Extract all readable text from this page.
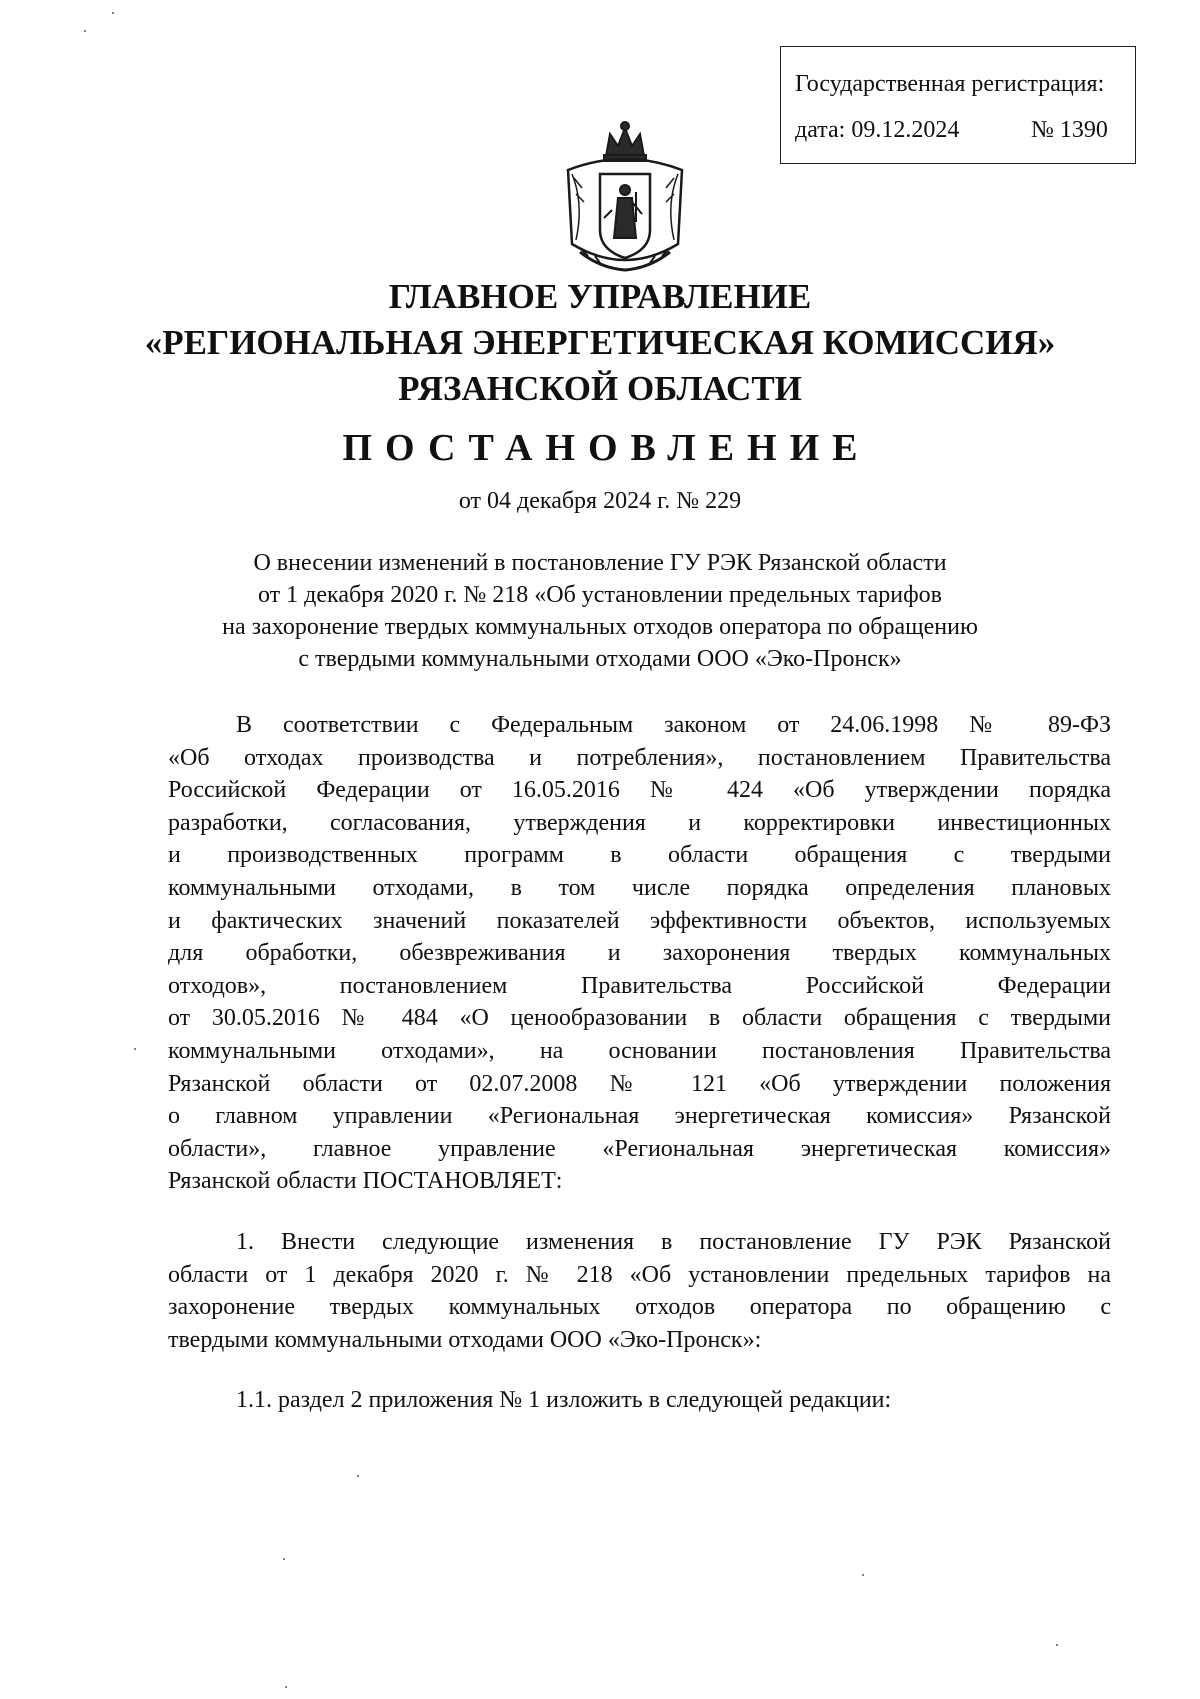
Государственная регистрация:
дата: 09.12.2024	№ 1390
ГЛАВНОЕ УПРАВЛЕНИЕ
«РЕГИОНАЛЬНАЯ ЭНЕРГЕТИЧЕСКАЯ КОМИССИЯ»
РЯЗАНСКОЙ ОБЛАСТИ
ПОСТАНОВЛЕНИЕ
от 04 декабря 2024 г. № 229
О внесении изменений в постановление ГУ РЭК Рязанской области
от 1 декабря 2020 г. № 218 «Об установлении предельных тарифов
на захоронение твердых коммунальных отходов оператора по обращению
с твердыми коммунальными отходами ООО «Эко-Пронск»
В соответствии с Федеральным законом от 24.06.1998 № 89-ФЗ
«Об отходах производства и потребления», постановлением Правительства
Российской Федерации от 16.05.2016 № 424 «Об утверждении порядка
разработки, согласования, утверждения и корректировки инвестиционных
и производственных программ в области обращения с твердыми
коммунальными отходами, в том числе порядка определения плановых
и фактических значений показателей эффективности объектов, используемых
для обработки, обезвреживания и захоронения твердых коммунальных
отходов», постановлением Правительства Российской Федерации
от 30.05.2016 № 484 «О ценообразовании в области обращения с твердыми
коммунальными отходами», на основании постановления Правительства
Рязанской области от 02.07.2008 № 121 «Об утверждении положения
о главном управлении «Региональная энергетическая комиссия» Рязанской
области», главное управление «Региональная энергетическая комиссия»
Рязанской области ПОСТАНОВЛЯЕТ:
1. Внести следующие изменения в постановление ГУ РЭК Рязанской
области от 1 декабря 2020 г. № 218 «Об установлении предельных тарифов на
захоронение твердых коммунальных отходов оператора по обращению с
твердыми коммунальными отходами ООО «Эко-Пронск»:
1.1. раздел 2 приложения № 1 изложить в следующей редакции:
